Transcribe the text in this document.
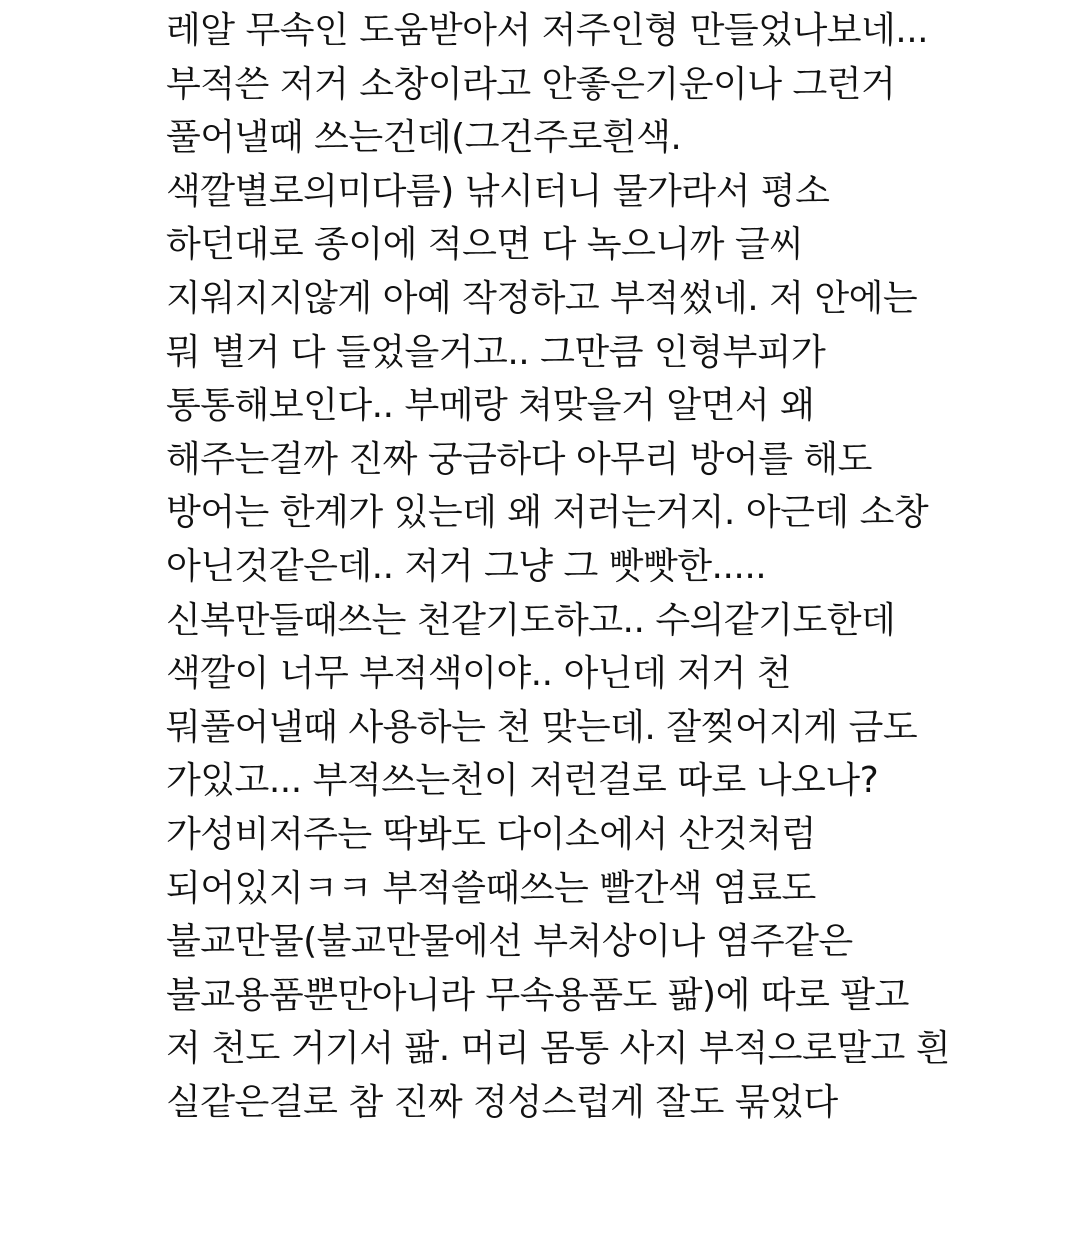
레알 무속인 도움받아서 저주인형 만들었나보네...
부적쓴 저거 소창이라고 안좋은기운이나 그런거
풀어낼때 쓰는건데(그건주로흰색.
색깔별로의미다름) 낚시터니 물가라서 평소
하던대로 종이에 적으면 다 녹으니까 글씨
지워지지않게 아예 작정하고 부적썼네. 저 안에는
뭐 별거 다 들었을거고.. 그만큼 인형부피가
통통해보인다.. 부메랑 쳐맞을거 알면서 왜
해주는걸까 진짜 궁금하다 아무리 방어를 해도
방어는 한계가 있는데 왜 저러는거지. 아근데 소창
아닌것같은데.. 저거 그냥 그 빳빳한.....
신복만들때쓰는 천같기도하고.. 수의같기도한데
색깔이 너무 부적색이야.. 아닌데 저거 천
뭐풀어낼때 사용하는 천 맞는데. 잘찢어지게 금도
가있고... 부적쓰는천이 저런걸로 따로 나오나?
가성비저주는 딱봐도 다이소에서 산것처럼
되어있지ㅋㅋ 부적쓸때쓰는 빨간색 염료도
불교만물(불교만물에선 부처상이나 염주같은
불교용품뿐만아니라 무속용품도 팖)에 따로 팔고
저 천도 거기서 팖. 머리 몸통 사지 부적으로말고 흰
실같은걸로 참 진짜 정성스럽게 잘도 묶었다
